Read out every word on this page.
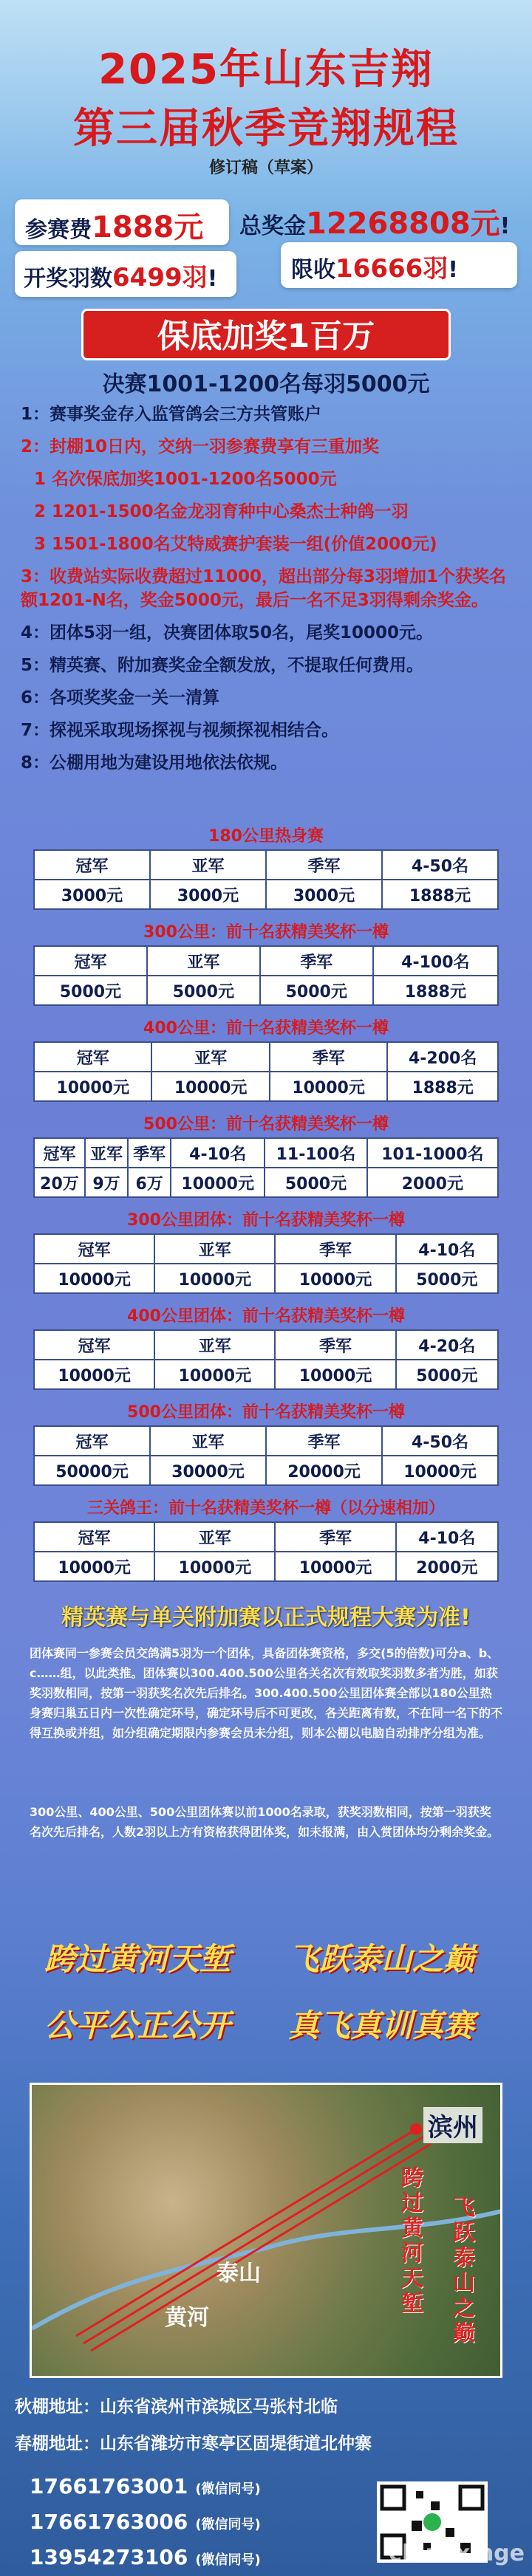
2025年山东吉翔
第三届秋季竞翔规程
修订稿（草案）
参赛费1888元	总奖金12268808元!
开奖羽数6499羽!	限收16666羽!
保底加奖1百万
决赛1001-1200名每羽5000元
1：赛事奖金存入监管鸽会三方共管账户
2：封棚10日内，交纳一羽参赛费享有三重加奖
1 名次保底加奖1001-1200名5000元
2 1201-1500名金龙羽育种中心桑杰士种鸽一羽
3 1501-1800名艾特威赛护套装一组(价值2000元)
3：收费站实际收费超过11000，超出部分每3羽增加1个获奖名额1201-N名，奖金5000元，最后一名不足3羽得剩余奖金。
4：团体5羽一组，决赛团体取50名，尾奖10000元。
5：精英赛、附加赛奖金全额发放，不提取任何费用。
6：各项奖奖金一关一清算
7：探视采取现场探视与视频探视相结合。
8：公棚用地为建设用地依法依规。
180公里热身赛
冠军	亚军	季军	4-50名
3000元	3000元	3000元	1888元
300公里：前十名获精美奖杯一樽
冠军	亚军	季军	4-100名
5000元	5000元	5000元	1888元
400公里：前十名获精美奖杯一樽
冠军	亚军	季军	4-200名
10000元	10000元	10000元	1888元
500公里：前十名获精美奖杯一樽
冠军	亚军	季军	4-10名	11-100名	101-1000名
20万	9万	6万	10000元	5000元	2000元
300公里团体：前十名获精美奖杯一樽
冠军	亚军	季军	4-10名
10000元	10000元	10000元	5000元
400公里团体：前十名获精美奖杯一樽
冠军	亚军	季军	4-20名
10000元	10000元	10000元	5000元
500公里团体：前十名获精美奖杯一樽
冠军	亚军	季军	4-50名
50000元	30000元	20000元	10000元
三关鸽王：前十名获精美奖杯一樽（以分速相加）
冠军	亚军	季军	4-10名
10000元	10000元	10000元	2000元
精英赛与单关附加赛以正式规程大赛为准!
团体赛同一参赛会员交鸽满5羽为一个团体，具备团体赛资格，多交(5的倍数)可分a、b、c……组，以此类推。团体赛以300.400.500公里各关名次有效取奖羽数多者为胜，如获奖羽数相同，按第一羽获奖名次先后排名。300.400.500公里团体赛全部以180公里热身赛归巢五日内一次性确定环号，确定环号后不可更改，各关距离有数，不在同一名下的不得互换或并组，如分组确定期限内参赛会员未分组，则本公棚以电脑自动排序分组为准。
300公里、400公里、500公里团体赛以前1000名录取，获奖羽数相同，按第一羽获奖名次先后排名，人数2羽以上方有资格获得团体奖，如未报满，由入赏团体均分剩余奖金。
跨过黄河天堑 飞跃泰山之巅
公平公正公开 真飞真训真赛
滨州
泰山
黄河
跨过黄河天堑
飞跃泰山之巅
秋棚地址：山东省滨州市滨城区马张村北临
春棚地址：山东省潍坊市寒亭区固堤街道北仲寨
17661763001 (微信同号)
17661763006 (微信同号)
13954273106 (微信同号)	chinaxinge
